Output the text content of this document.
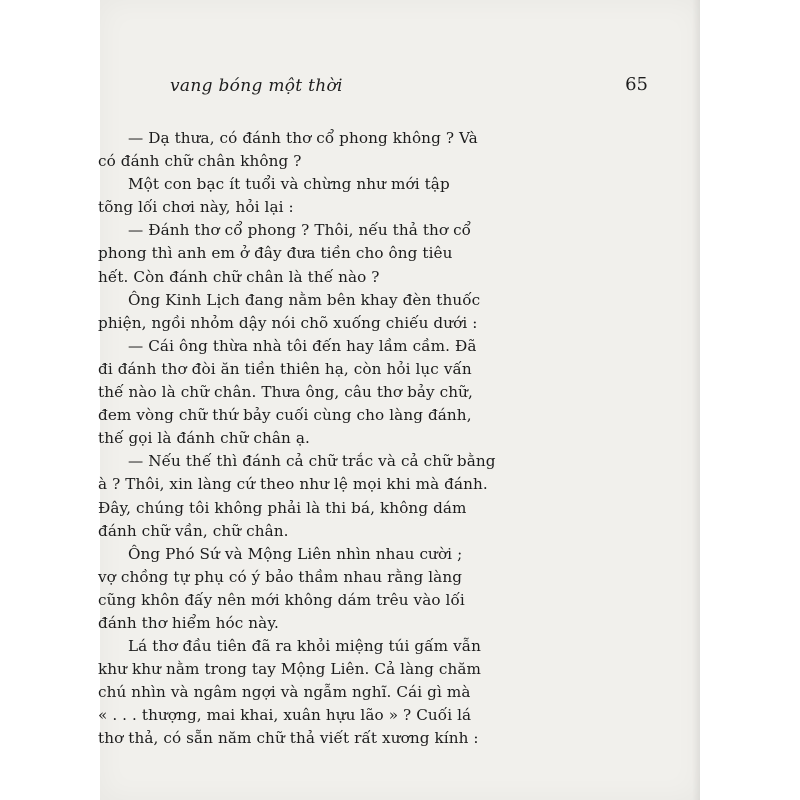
vang bóng một thời	65
— Dạ thưa, có đánh thơ cổ phong không ? Và
có đánh chữ chân không ?
Một con bạc ít tuổi và chừng như mới tập
tõng lối chơi này, hỏi lại :
— Đánh thơ cổ phong ? Thôi, nếu thả thơ cổ
phong thì anh em ở đây đưa tiền cho ông tiêu
hết. Còn đánh chữ chân là thế nào ?
Ông Kinh Lịch đang nằm bên khay đèn thuốc
phiện, ngồi nhỏm dậy nói chõ xuống chiếu dưới :
— Cái ông thừa nhà tôi đến hay lầm cầm. Đã
đi đánh thơ đòi ăn tiền thiên hạ, còn hỏi lục vấn
thế nào là chữ chân. Thưa ông, câu thơ bảy chữ,
đem vòng chữ thứ bảy cuối cùng cho làng đánh,
thế gọi là đánh chữ chân ạ.
— Nếu thế thì đánh cả chữ trắc và cả chữ bằng
à ? Thôi, xin làng cứ theo như lệ mọi khi mà đánh.
Đây, chúng tôi không phải là thi bá, không dám
đánh chữ vần, chữ chân.
Ông Phó Sứ và Mộng Liên nhìn nhau cười ;
vợ chồng tự phụ có ý bảo thầm nhau rằng làng
cũng khôn đấy nên mới không dám trêu vào lối
đánh thơ hiểm hóc này.
Lá thơ đầu tiên đã ra khỏi miệng túi gấm vẫn
khư khư nằm trong tay Mộng Liên. Cả làng chăm
chú nhìn và ngâm ngợi và ngẫm nghĩ. Cái gì mà
« . . . thượng, mai khai, xuân hựu lão » ? Cuối lá
thơ thả, có sẵn năm chữ thả viết rất xương kính :
